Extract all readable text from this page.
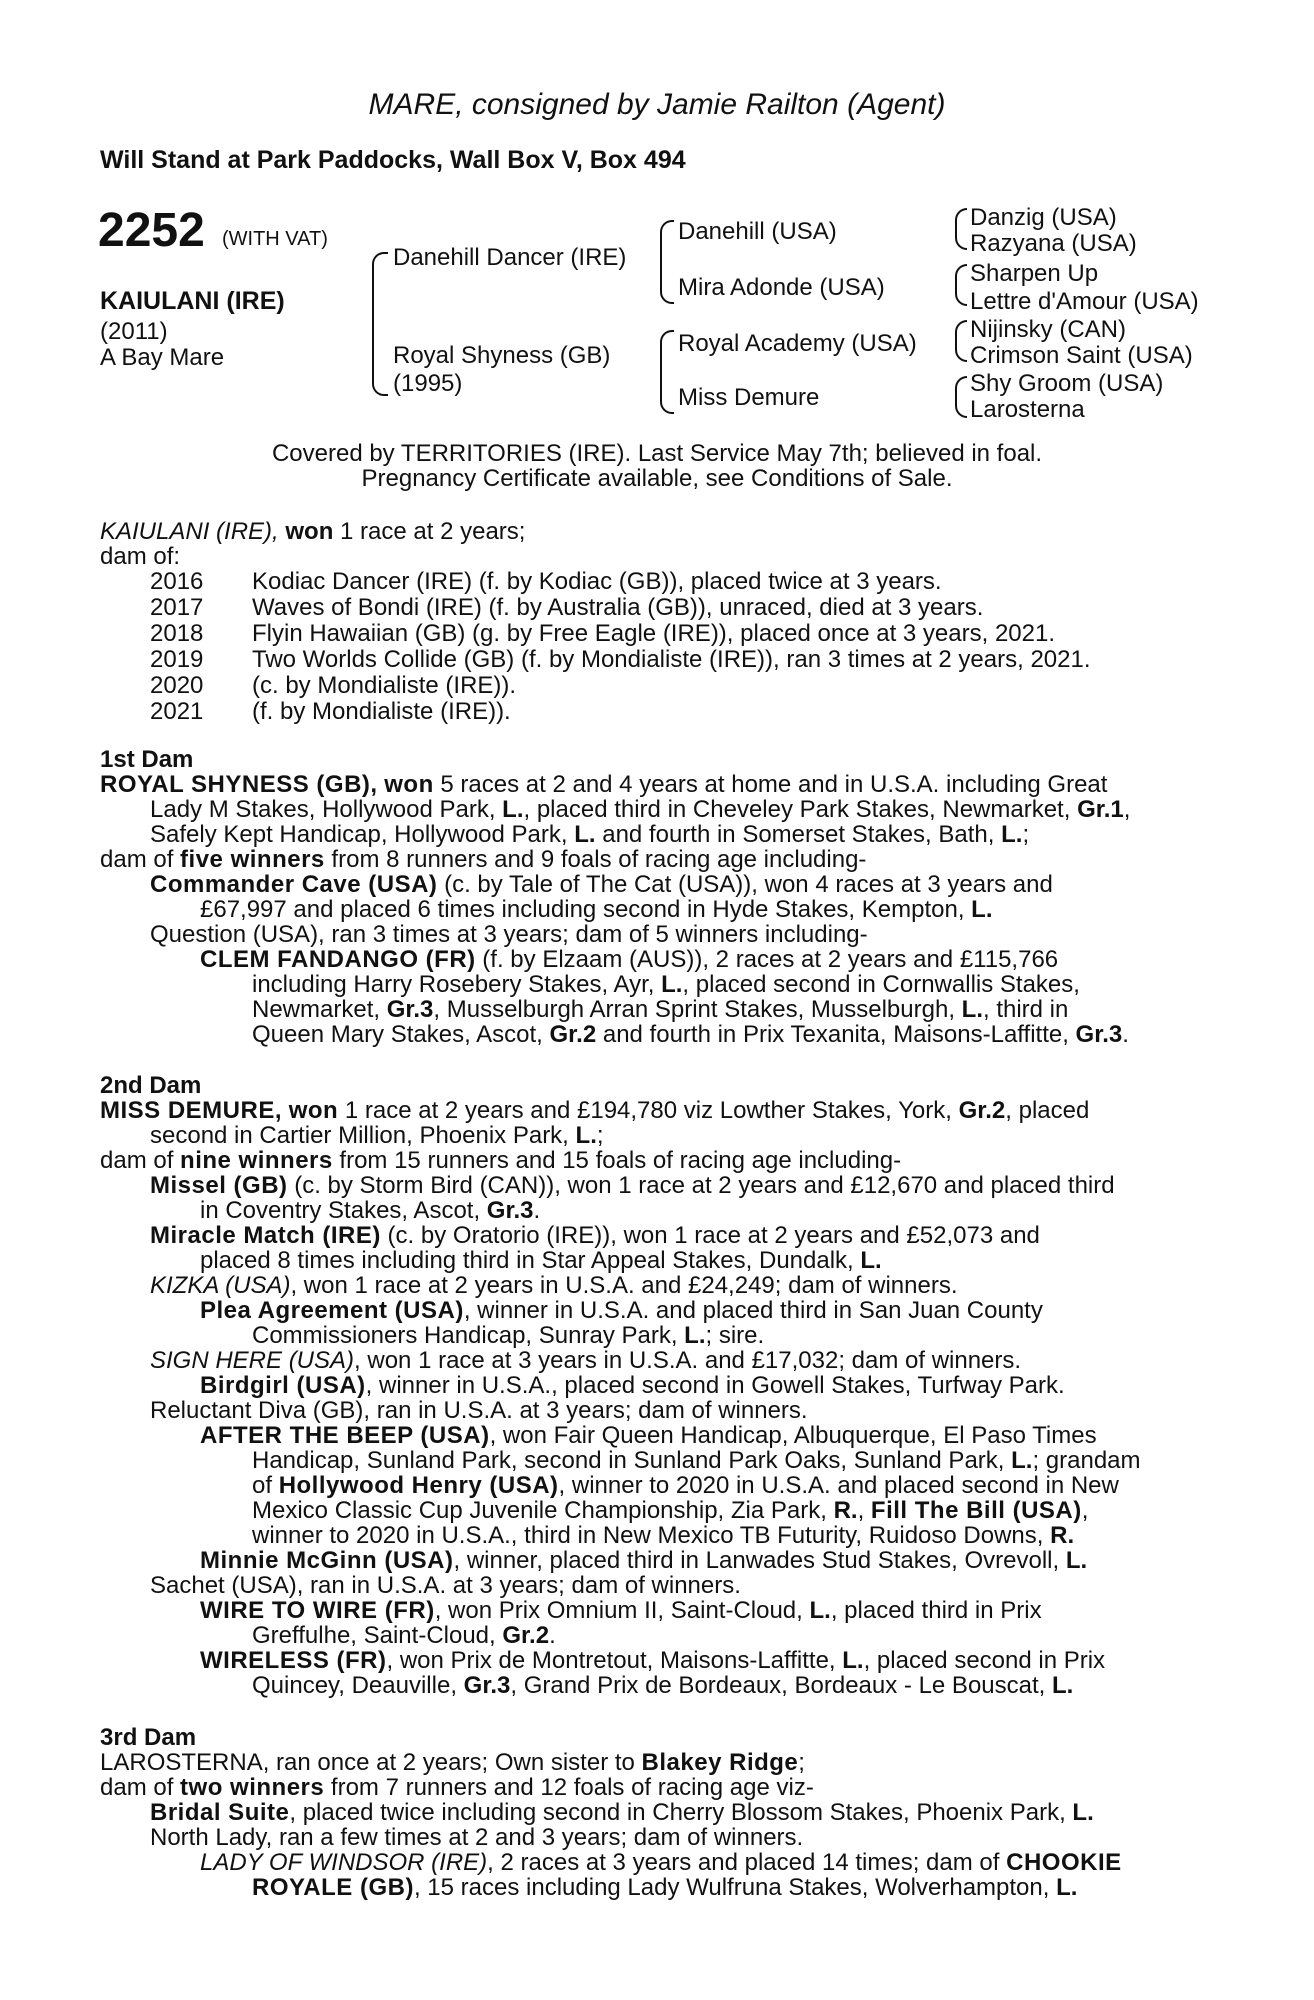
MARE, consigned by Jamie Railton (Agent)
Will Stand at Park Paddocks, Wall Box V, Box 494
2252 (WITH VAT)
KAIULANI (IRE)
(2011)
A Bay Mare
Danehill Dancer (IRE)
Royal Shyness (GB)
(1995)
Danehill (USA)
Mira Adonde (USA)
Royal Academy (USA)
Miss Demure
Danzig (USA)
Razyana (USA)
Sharpen Up
Lettre d'Amour (USA)
Nijinsky (CAN)
Crimson Saint (USA)
Shy Groom (USA)
Larosterna
Covered by TERRITORIES (IRE). Last Service May 7th; believed in foal.
Pregnancy Certificate available, see Conditions of Sale.
KAIULANI (IRE), won 1 race at 2 years;
dam of:
2016 Kodiac Dancer (IRE) (f. by Kodiac (GB)), placed twice at 3 years.
2017 Waves of Bondi (IRE) (f. by Australia (GB)), unraced, died at 3 years.
2018 Flyin Hawaiian (GB) (g. by Free Eagle (IRE)), placed once at 3 years, 2021.
2019 Two Worlds Collide (GB) (f. by Mondialiste (IRE)), ran 3 times at 2 years, 2021.
2020 (c. by Mondialiste (IRE)).
2021 (f. by Mondialiste (IRE)).
1st Dam
ROYAL SHYNESS (GB), won 5 races at 2 and 4 years at home and in U.S.A. including Great
Lady M Stakes, Hollywood Park, L., placed third in Cheveley Park Stakes, Newmarket, Gr.1,
Safely Kept Handicap, Hollywood Park, L. and fourth in Somerset Stakes, Bath, L.;
dam of five winners from 8 runners and 9 foals of racing age including-
Commander Cave (USA) (c. by Tale of The Cat (USA)), won 4 races at 3 years and
£67,997 and placed 6 times including second in Hyde Stakes, Kempton, L.
Question (USA), ran 3 times at 3 years; dam of 5 winners including-
CLEM FANDANGO (FR) (f. by Elzaam (AUS)), 2 races at 2 years and £115,766
including Harry Rosebery Stakes, Ayr, L., placed second in Cornwallis Stakes,
Newmarket, Gr.3, Musselburgh Arran Sprint Stakes, Musselburgh, L., third in
Queen Mary Stakes, Ascot, Gr.2 and fourth in Prix Texanita, Maisons-Laffitte, Gr.3.
2nd Dam
MISS DEMURE, won 1 race at 2 years and £194,780 viz Lowther Stakes, York, Gr.2, placed
second in Cartier Million, Phoenix Park, L.;
dam of nine winners from 15 runners and 15 foals of racing age including-
Missel (GB) (c. by Storm Bird (CAN)), won 1 race at 2 years and £12,670 and placed third
in Coventry Stakes, Ascot, Gr.3.
Miracle Match (IRE) (c. by Oratorio (IRE)), won 1 race at 2 years and £52,073 and
placed 8 times including third in Star Appeal Stakes, Dundalk, L.
KIZKA (USA), won 1 race at 2 years in U.S.A. and £24,249; dam of winners.
Plea Agreement (USA), winner in U.S.A. and placed third in San Juan County
Commissioners Handicap, Sunray Park, L.; sire.
SIGN HERE (USA), won 1 race at 3 years in U.S.A. and £17,032; dam of winners.
Birdgirl (USA), winner in U.S.A., placed second in Gowell Stakes, Turfway Park.
Reluctant Diva (GB), ran in U.S.A. at 3 years; dam of winners.
AFTER THE BEEP (USA), won Fair Queen Handicap, Albuquerque, El Paso Times
Handicap, Sunland Park, second in Sunland Park Oaks, Sunland Park, L.; grandam
of Hollywood Henry (USA), winner to 2020 in U.S.A. and placed second in New
Mexico Classic Cup Juvenile Championship, Zia Park, R., Fill The Bill (USA),
winner to 2020 in U.S.A., third in New Mexico TB Futurity, Ruidoso Downs, R.
Minnie McGinn (USA), winner, placed third in Lanwades Stud Stakes, Ovrevoll, L.
Sachet (USA), ran in U.S.A. at 3 years; dam of winners.
WIRE TO WIRE (FR), won Prix Omnium II, Saint-Cloud, L., placed third in Prix
Greffulhe, Saint-Cloud, Gr.2.
WIRELESS (FR), won Prix de Montretout, Maisons-Laffitte, L., placed second in Prix
Quincey, Deauville, Gr.3, Grand Prix de Bordeaux, Bordeaux - Le Bouscat, L.
3rd Dam
LAROSTERNA, ran once at 2 years; Own sister to Blakey Ridge;
dam of two winners from 7 runners and 12 foals of racing age viz-
Bridal Suite, placed twice including second in Cherry Blossom Stakes, Phoenix Park, L.
North Lady, ran a few times at 2 and 3 years; dam of winners.
LADY OF WINDSOR (IRE), 2 races at 3 years and placed 14 times; dam of CHOOKIE
ROYALE (GB), 15 races including Lady Wulfruna Stakes, Wolverhampton, L.
